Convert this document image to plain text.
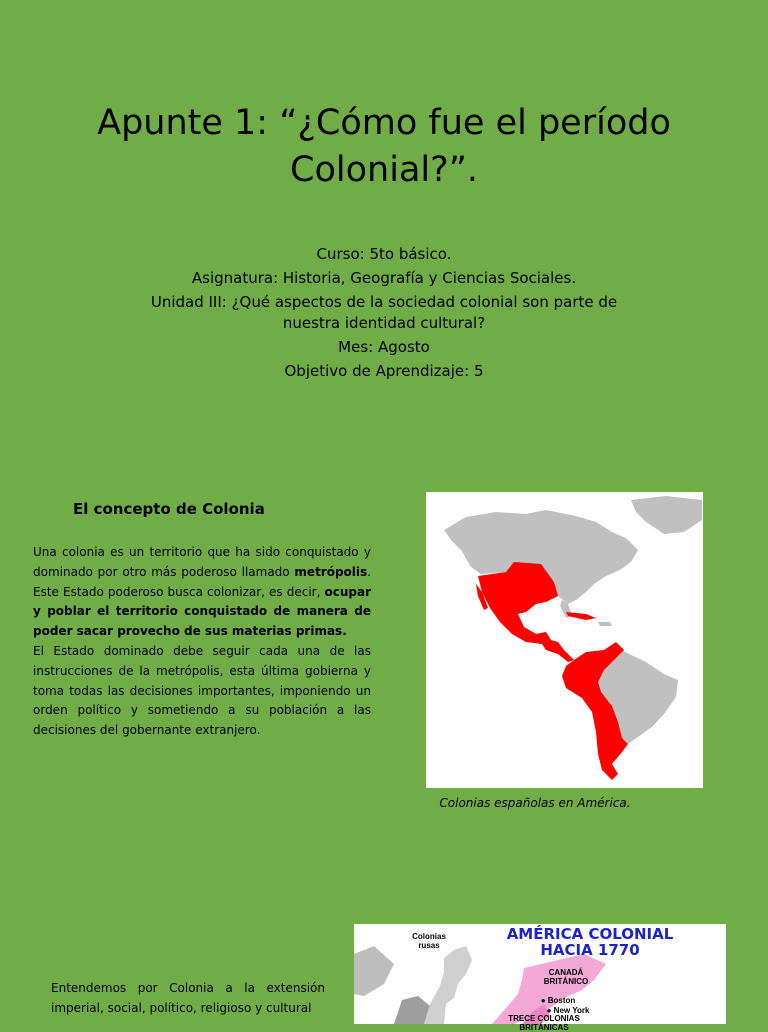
Apunte 1: “¿Cómo fue el período Colonial?”.

Curso: 5to básico.

Asignatura: Historia, Geografía y Ciencias Sociales.

Unidad III: ¿Qué aspectos de la sociedad colonial son parte de nuestra identidad cultural?

Mes: Agosto

Objetivo de Aprendizaje: 5

El concepto de Colonia
Una colonia es un territorio que ha sido conquistado y dominado por otro más poderoso llamado metrópolis. Este Estado poderoso busca colonizar, es decir, ocupar y poblar el territorio conquistado de manera de poder sacar provecho de sus materias primas.
El Estado dominado debe seguir cada una de las instrucciones de la metrópolis, esta última gobierna y toma todas las decisiones importantes, imponiendo un orden político y sometiendo a su población a las decisiones del gobernante extranjero.
Colonias españolas en América.

Entendemos por Colonia a la extensión imperial, social, político, religioso y cultural

AMÉRICA COLONIAL
HACIA 1770
Colonias rusas
CANADÁ BRITÁNICO
● Boston
● New York
TRECE COLONIAS
BRITÁNICAS
